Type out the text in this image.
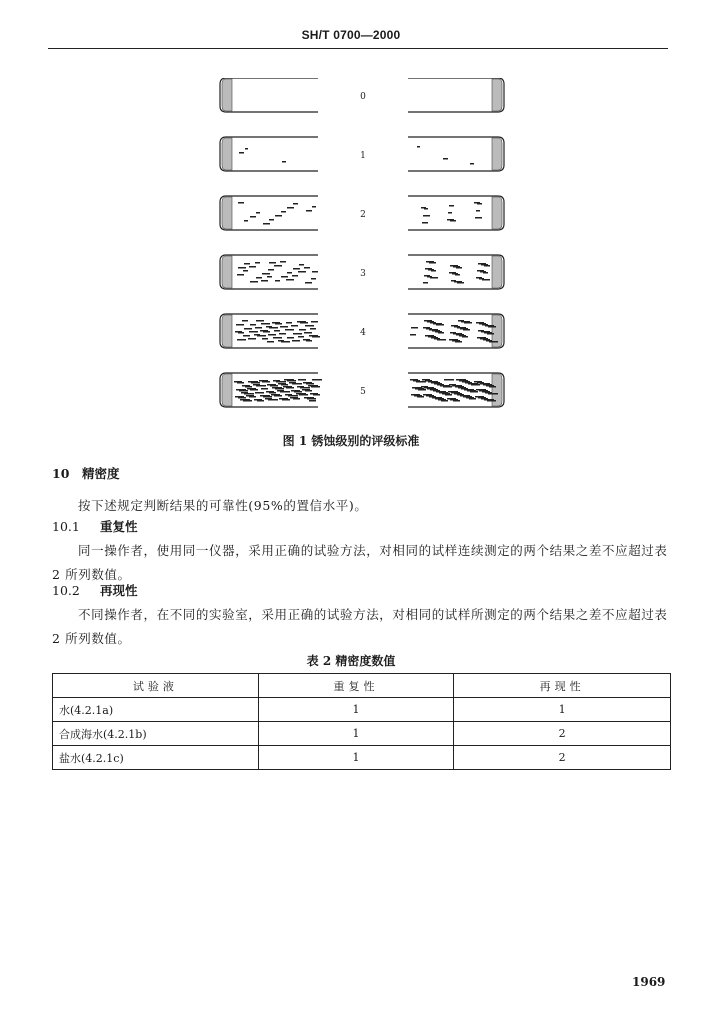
SH/T 0700—2000
0
1
2
3
4
5
图 1 锈蚀级别的评级标准
10 精密度
按下述规定判断结果的可靠性(95%的置信水平)。
10.1 重复性
同一操作者，使用同一仪器，采用正确的试验方法，对相同的试样连续测定的两个结果之差不应超过表 2 所列数值。
10.2 再现性
不同操作者，在不同的实验室，采用正确的试验方法，对相同的试样所测定的两个结果之差不应超过表 2 所列数值。
表 2 精密度数值
试验液	重复性	再现性
水(4.2.1a)	1	1
合成海水(4.2.1b)	1	2
盐水(4.2.1c)	1	2
1969
